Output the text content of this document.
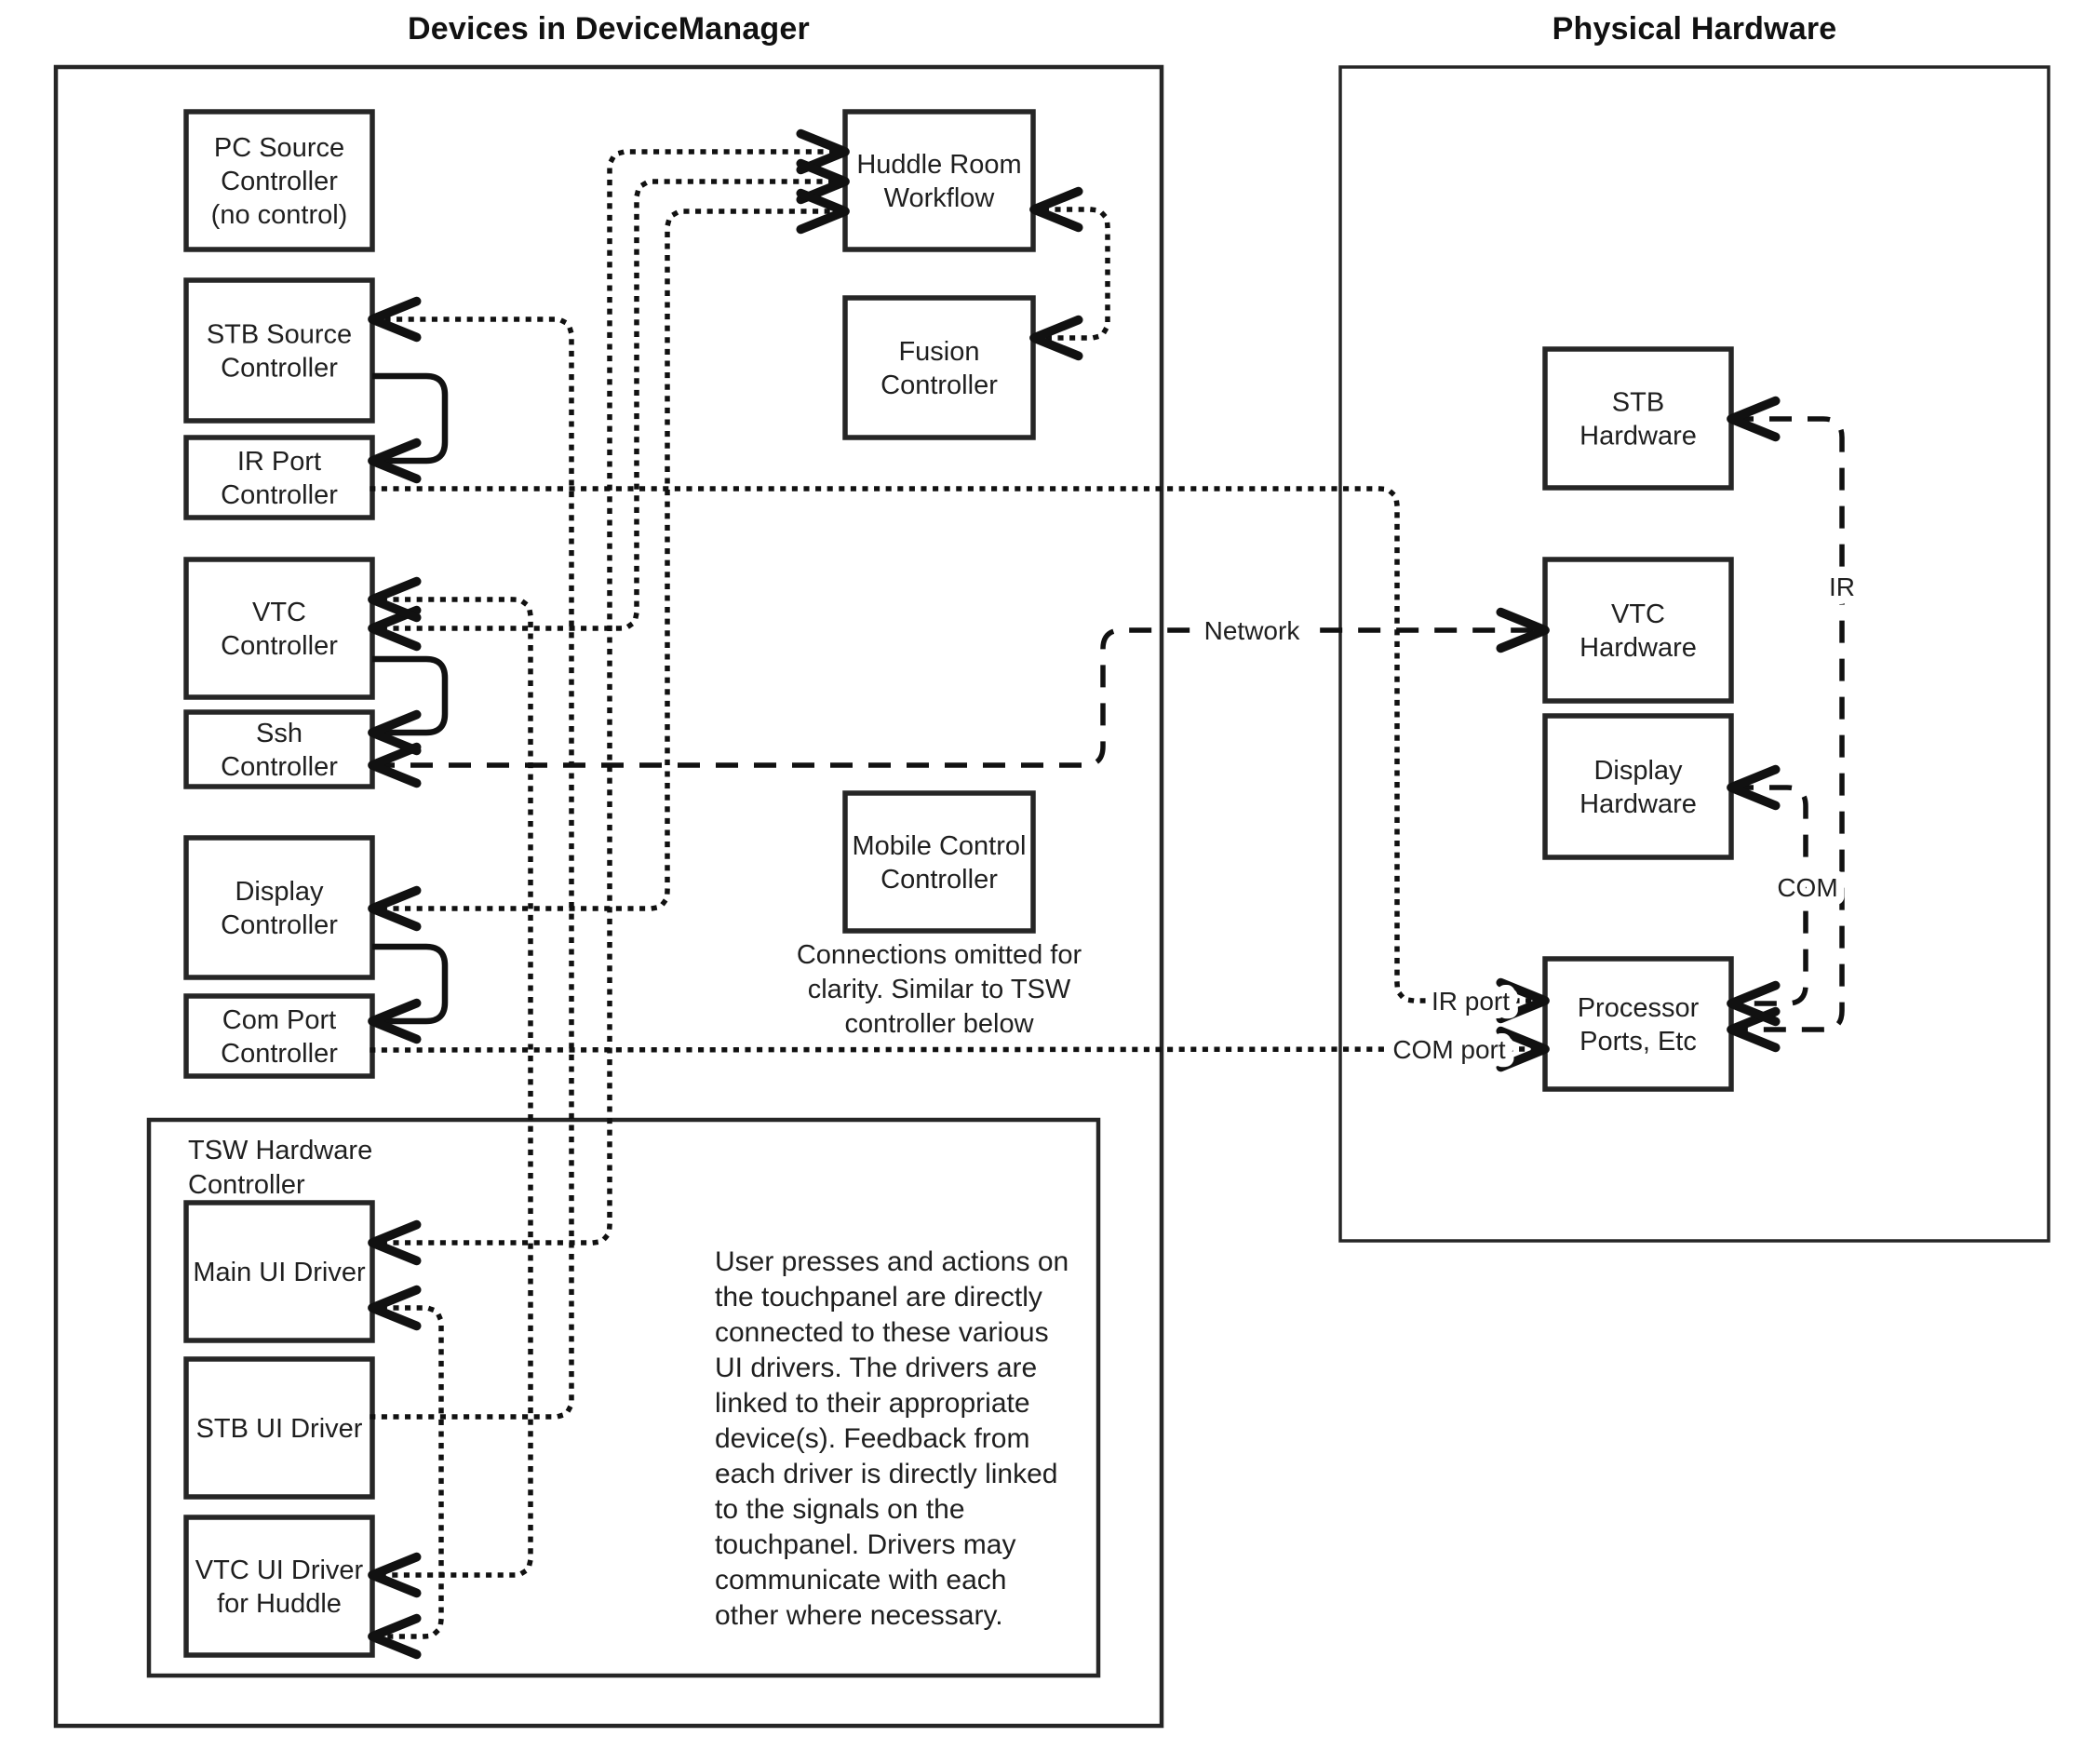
Devices in DeviceManager	Physical Hardware
PC Source Controller (no control)
STB Source Controller
IR Port Controller
VTC Controller
Ssh Controller
Display Controller
Com Port Controller
Main UI Driver
STB UI Driver
VTC UI Driver for Huddle
Huddle Room Workflow
Fusion Controller
Mobile Control Controller
STB Hardware
VTC Hardware
Display Hardware
Processor Ports, Etc
TSW Hardware Controller
Connections omitted for clarity. Similar to TSW controller below
User presses and actions on the touchpanel are directly connected to these various UI drivers. The drivers are linked to their appropriate device(s). Feedback from each driver is directly linked to the signals on the touchpanel. Drivers may communicate with each other where necessary.
Network
IR
COM
IR port
COM port
